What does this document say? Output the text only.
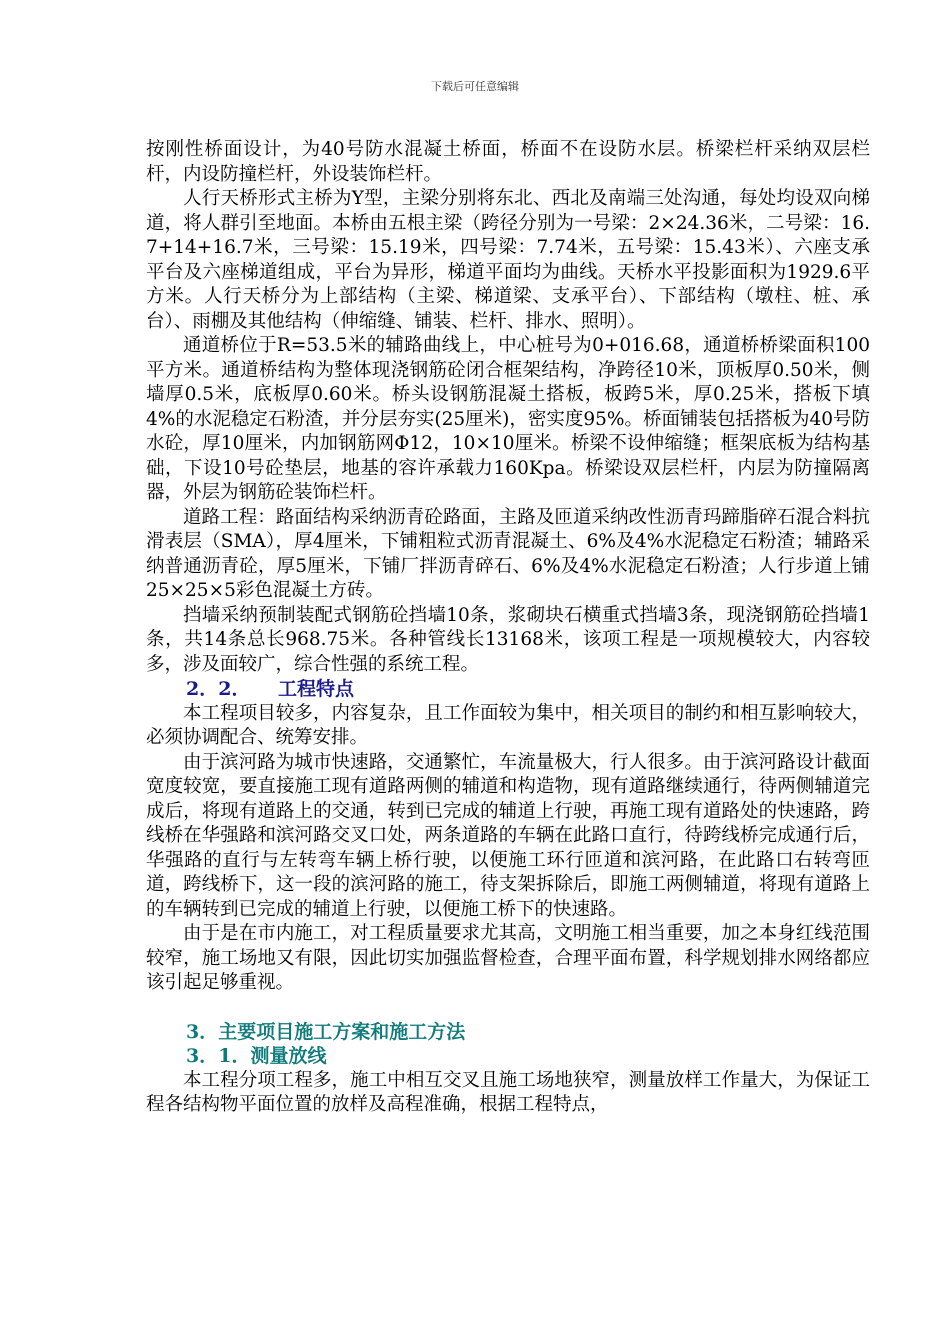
下载后可任意编辑

按刚性桥面设计，为40号防水混凝土桥面，桥面不在设防水层。桥梁栏杆采纳双层栏杆，内设防撞栏杆，外设装饰栏杆。

人行天桥形式主桥为Y型，主梁分别将东北、西北及南端三处沟通，每处均设双向梯道，将人群引至地面。本桥由五根主梁（跨径分别为一号梁：2×24.36米，二号梁：16.7+14+16.7米，三号梁：15.19米，四号梁：7.74米，五号梁：15.43米）、六座支承平台及六座梯道组成，平台为异形，梯道平面均为曲线。天桥水平投影面积为1929.6平方米。人行天桥分为上部结构（主梁、梯道梁、支承平台）、下部结构（墩柱、桩、承台）、雨棚及其他结构（伸缩缝、铺装、栏杆、排水、照明）。

通道桥位于R=53.5米的辅路曲线上，中心桩号为0+016.68，通道桥桥梁面积100平方米。通道桥结构为整体现浇钢筋砼闭合框架结构，净跨径10米，顶板厚0.50米，侧墙厚0.5米，底板厚0.60米。桥头设钢筋混凝土搭板，板跨5米，厚0.25米，搭板下填4%的水泥稳定石粉渣，并分层夯实(25厘米)，密实度95%。桥面铺装包括搭板为40号防水砼，厚10厘米，内加钢筋网Φ12，10×10厘米。桥梁不设伸缩缝；框架底板为结构基础，下设10号砼垫层，地基的容许承载力160Kpa。桥梁设双层栏杆，内层为防撞隔离器，外层为钢筋砼装饰栏杆。

道路工程：路面结构采纳沥青砼路面，主路及匝道采纳改性沥青玛蹄脂碎石混合料抗滑表层（SMA），厚4厘米，下铺粗粒式沥青混凝土、6%及4%水泥稳定石粉渣；辅路采纳普通沥青砼，厚5厘米，下铺厂拌沥青碎石、6%及4%水泥稳定石粉渣；人行步道上铺25×25×5彩色混凝土方砖。

挡墙采纳预制装配式钢筋砼挡墙10条，浆砌块石横重式挡墙3条，现浇钢筋砼挡墙1条，共14条总长968.75米。各种管线长13168米，该项工程是一项规模较大，内容较多，涉及面较广，综合性强的系统工程。

2．2． 工程特点

本工程项目较多，内容复杂，且工作面较为集中，相关项目的制约和相互影响较大，必须协调配合、统筹安排。

由于滨河路为城市快速路，交通繁忙，车流量极大，行人很多。由于滨河路设计截面宽度较宽，要直接施工现有道路两侧的辅道和构造物，现有道路继续通行，待两侧辅道完成后，将现有道路上的交通，转到已完成的辅道上行驶，再施工现有道路处的快速路，跨线桥在华强路和滨河路交叉口处，两条道路的车辆在此路口直行，待跨线桥完成通行后，华强路的直行与左转弯车辆上桥行驶，以便施工环行匝道和滨河路，在此路口右转弯匝道，跨线桥下，这一段的滨河路的施工，待支架拆除后，即施工两侧辅道，将现有道路上的车辆转到已完成的辅道上行驶，以便施工桥下的快速路。

由于是在市内施工，对工程质量要求尤其高，文明施工相当重要，加之本身红线范围较窄，施工场地又有限，因此切实加强监督检查，合理平面布置，科学规划排水网络都应该引起足够重视。

3．主要项目施工方案和施工方法

3．1．测量放线

本工程分项工程多，施工中相互交叉且施工场地狭窄，测量放样工作量大，为保证工程各结构物平面位置的放样及高程准确，根据工程特点，
